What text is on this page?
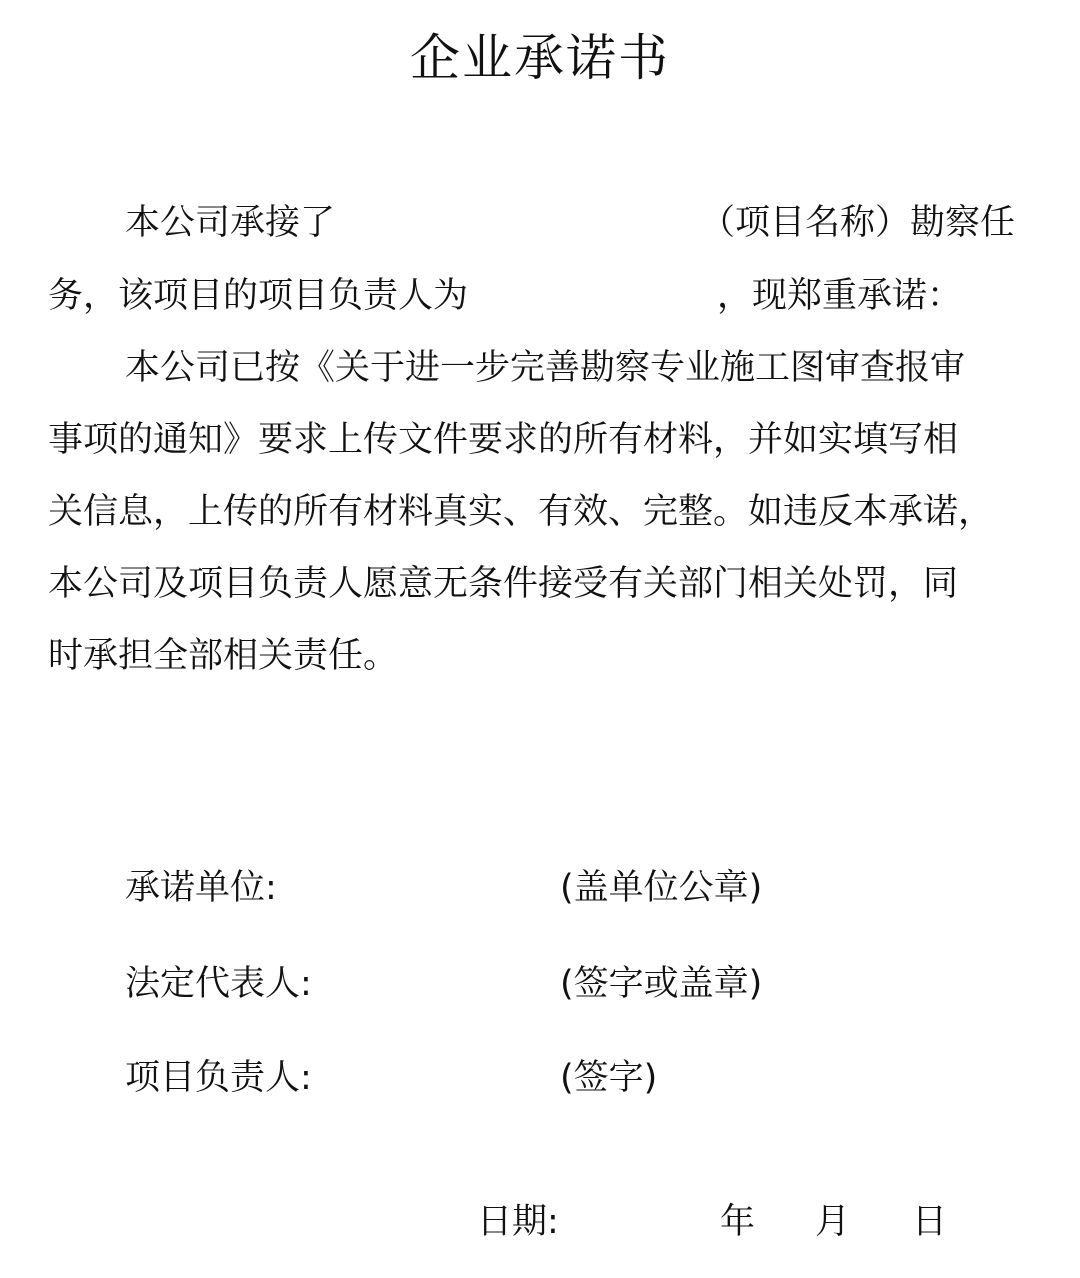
企业承诺书
本公司承接了	（项目名称）勘察任
务，该项目的项目负责人为	，现郑重承诺：
本公司已按《关于进一步完善勘察专业施工图审查报审
事项的通知》要求上传文件要求的所有材料，并如实填写相
关信息，上传的所有材料真实、有效、完整。如违反本承诺，
本公司及项目负责人愿意无条件接受有关部门相关处罚，同
时承担全部相关责任。
承诺单位:	(盖单位公章)
法定代表人:	(签字或盖章)
项目负责人:	(签字)
日期:	年 月 日
